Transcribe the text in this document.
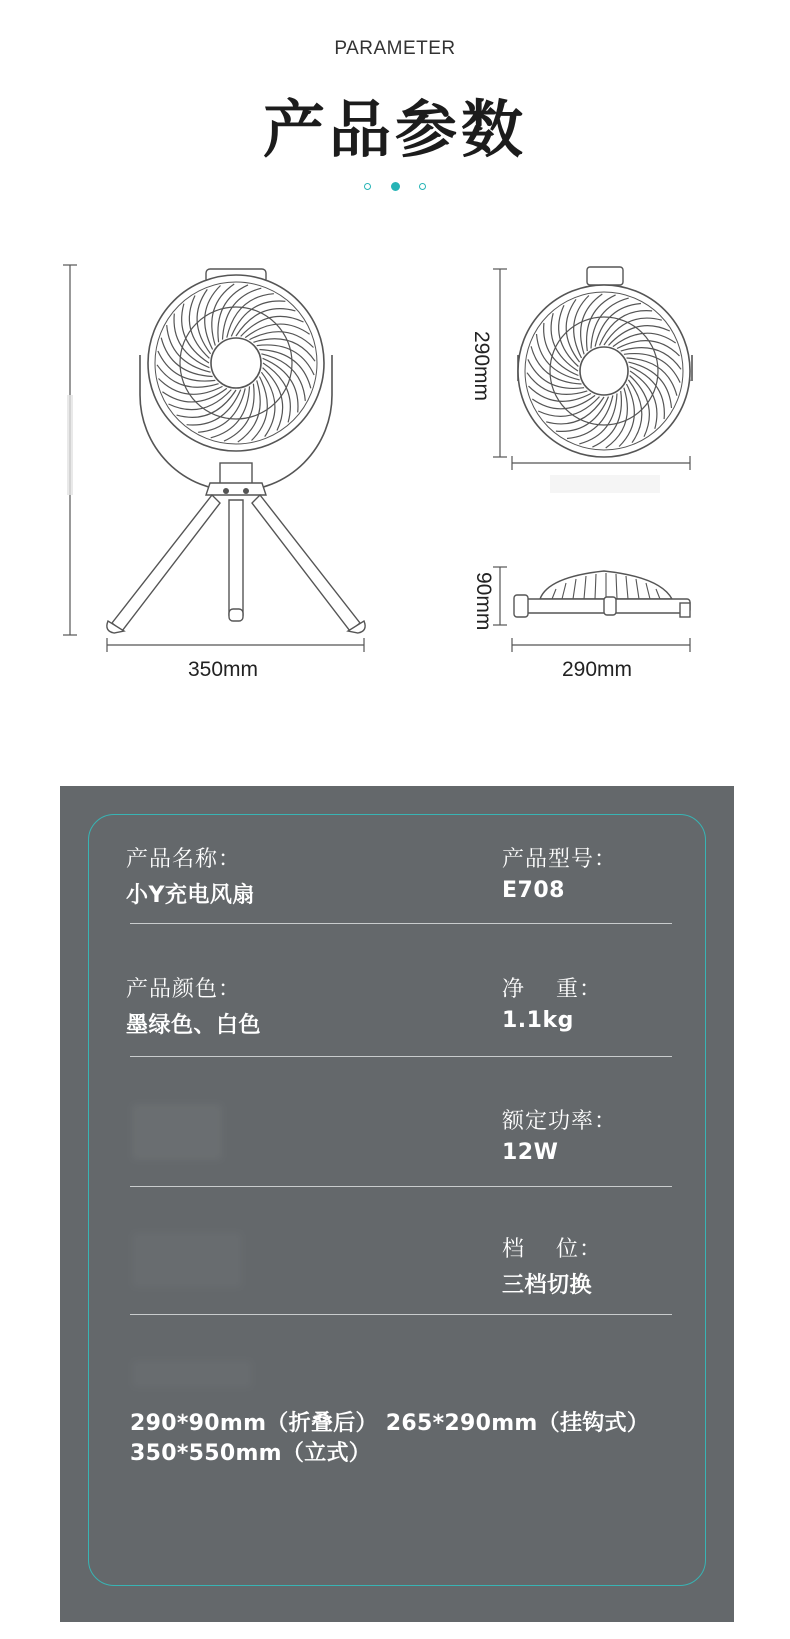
PARAMETER
产品参数
350mm
290mm
90mm
290mm
产品名称：
小Y充电风扇
产品型号：
E708
产品颜色：
墨绿色、白色
净　 重：
1.1kg
额定功率：
12W
档　 位：
三档切换
290*90mm（折叠后） 265*290mm（挂钩式）
350*550mm（立式）
